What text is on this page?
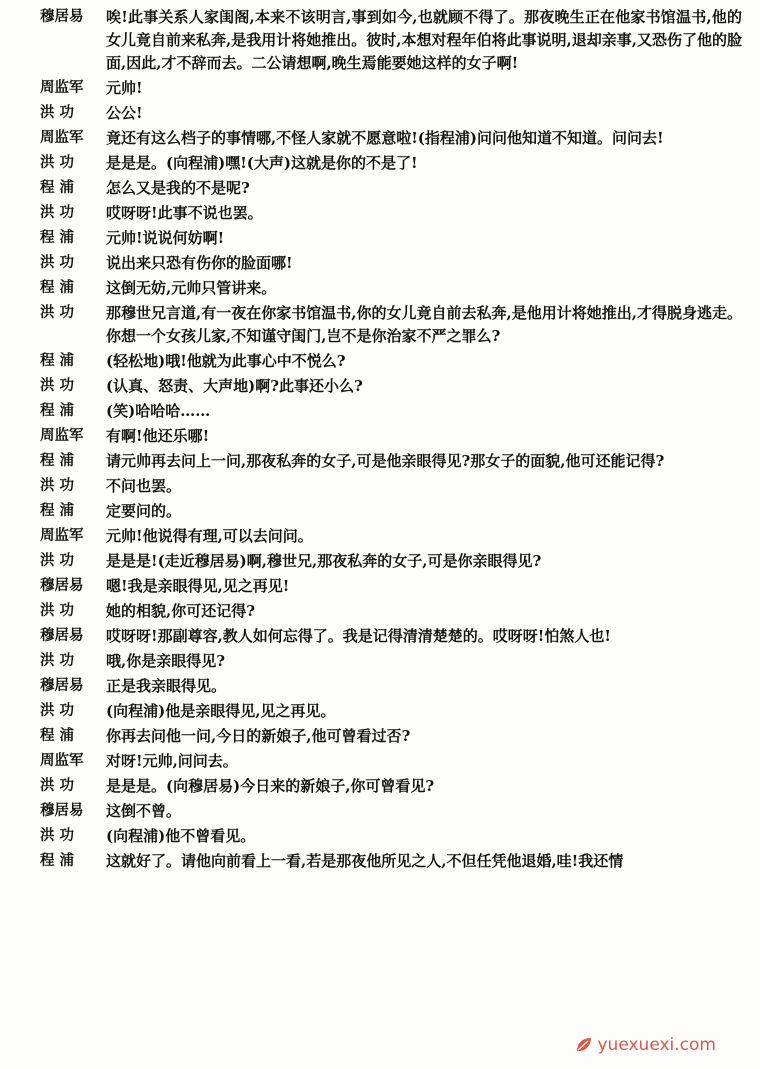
穆居易	唉!此事关系人家闺阁,本来不该明言,事到如今,也就顾不得了。那夜晚生正在他家书馆温书,他的女儿竟自前来私奔,是我用计将她推出。彼时,本想对程年伯将此事说明,退却亲事,又恐伤了他的脸面,因此,才不辞而去。二公请想啊,晚生焉能要她这样的女子啊!
周监军	元帅!
洪 功	公公!
周监军	竟还有这么档子的事情哪,不怪人家就不愿意啦!(指程浦)问问他知道不知道。问问去!
洪 功	是是是。(向程浦)嘿!(大声)这就是你的不是了!
程 浦	怎么又是我的不是呢?
洪 功	哎呀呀!此事不说也罢。
程 浦	元帅!说说何妨啊!
洪 功	说出来只恐有伤你的脸面哪!
程 浦	这倒无妨,元帅只管讲来。
洪 功	那穆世兄言道,有一夜在你家书馆温书,你的女儿竟自前去私奔,是他用计将她推出,才得脱身逃走。你想一个女孩儿家,不知谨守闺门,岂不是你治家不严之罪么?
程 浦	(轻松地)哦!他就为此事心中不悦么?
洪 功	(认真、怒责、大声地)啊?此事还小么?
程 浦	(笑)哈哈哈……
周监军	有啊!他还乐哪!
程 浦	请元帅再去问上一问,那夜私奔的女子,可是他亲眼得见?那女子的面貌,他可还能记得?
洪 功	不问也罢。
程 浦	定要问的。
周监军	元帅!他说得有理,可以去问问。
洪 功	是是是!(走近穆居易)啊,穆世兄,那夜私奔的女子,可是你亲眼得见?
穆居易	嗯!我是亲眼得见,见之再见!
洪 功	她的相貌,你可还记得?
穆居易	哎呀呀!那副尊容,教人如何忘得了。我是记得清清楚楚的。哎呀呀!怕煞人也!
洪 功	哦,你是亲眼得见?
穆居易	正是我亲眼得见。
洪 功	(向程浦)他是亲眼得见,见之再见。
程 浦	你再去问他一问,今日的新娘子,他可曾看过否?
周监军	对呀!元帅,问问去。
洪 功	是是是。(向穆居易)今日来的新娘子,你可曾看见?
穆居易	这倒不曾。
洪 功	(向程浦)他不曾看见。
程 浦	这就好了。请他向前看上一看,若是那夜他所见之人,不但任凭他退婚,哇!我还情
yuexuexi.com
